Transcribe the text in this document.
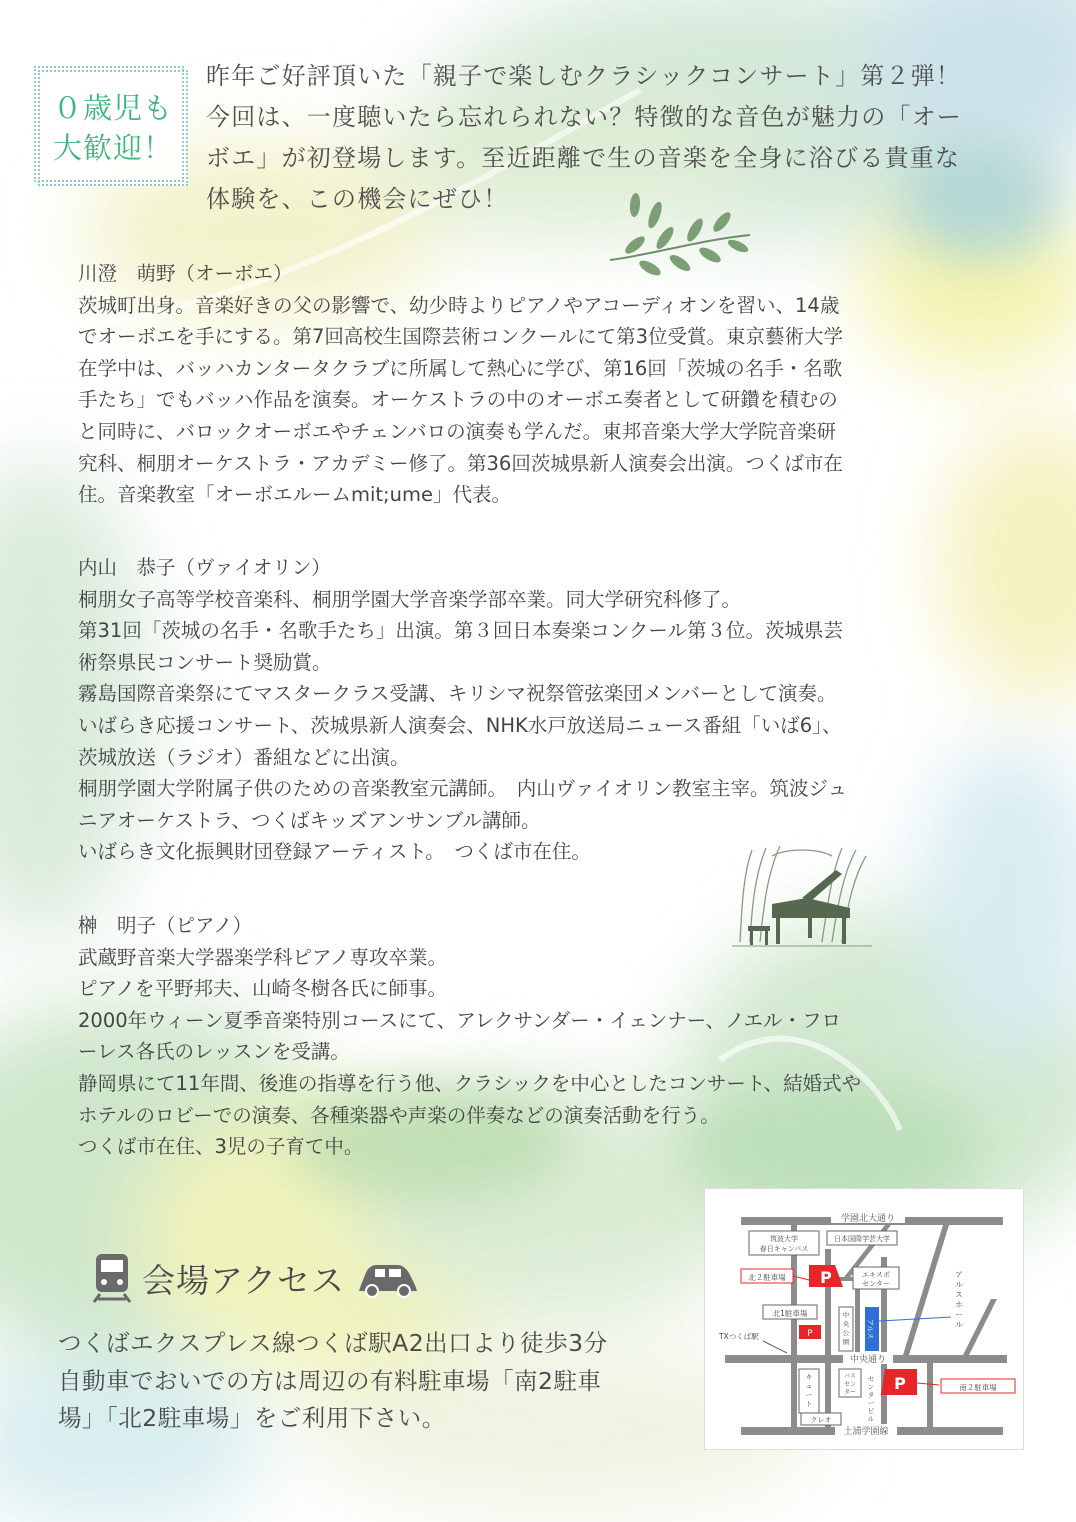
０歳児も
大歓迎！
昨年ご好評頂いた「親子で楽しむクラシックコンサート」第２弾！
今回は、一度聴いたら忘れられない？特徴的な音色が魅力の「オー
ボエ」が初登場します。至近距離で生の音楽を全身に浴びる貴重な
体験を、この機会にぜひ！
川澄　萌野（オーボエ）
茨城町出身。音楽好きの父の影響で、幼少時よりピアノやアコーディオンを習い、14歳
でオーボエを手にする。第7回高校生国際芸術コンクールにて第3位受賞。東京藝術大学
在学中は、バッハカンタータクラブに所属して熱心に学び、第16回「茨城の名手・名歌
手たち」でもバッハ作品を演奏。オーケストラの中のオーボエ奏者として研鑽を積むの
と同時に、バロックオーボエやチェンバロの演奏も学んだ。東邦音楽大学大学院音楽研
究科、桐朋オーケストラ・アカデミー修了。第36回茨城県新人演奏会出演。つくば市在
住。音楽教室「オーボエルームmit;ume」代表。
内山　恭子（ヴァイオリン）
桐朋女子高等学校音楽科、桐朋学園大学音楽学部卒業。同大学研究科修了。
第31回「茨城の名手・名歌手たち」出演。第３回日本奏楽コンクール第３位。茨城県芸
術祭県民コンサート奨励賞。
霧島国際音楽祭にてマスタークラス受講、キリシマ祝祭管弦楽団メンバーとして演奏。
いばらき応援コンサート、茨城県新人演奏会、NHK水戸放送局ニュース番組「いば6」、
茨城放送（ラジオ）番組などに出演。
桐朋学園大学附属子供のための音楽教室元講師。　内山ヴァイオリン教室主宰。筑波ジュ
ニアオーケストラ、つくばキッズアンサンブル講師。
いばらき文化振興財団登録アーティスト。　つくば市在住。
榊　明子（ピアノ）
武蔵野音楽大学器楽学科ピアノ専攻卒業。
ピアノを平野邦夫、山崎冬樹各氏に師事。
2000年ウィーン夏季音楽特別コースにて、アレクサンダー・イェンナー、ノエル・フロ
ーレス各氏のレッスンを受講。
静岡県にて11年間、後進の指導を行う他、クラシックを中心としたコンサート、結婚式や
ホテルのロビーでの演奏、各種楽器や声楽の伴奏などの演奏活動を行う。
つくば市在住、3児の子育て中。
会場アクセス
つくばエクスプレス線つくば駅A2出口より徒歩3分
自動車でおいでの方は周辺の有料駐車場「南2駐車
場」「北2駐車場」をご利用下さい。
学園北大通り
中央通り
土浦学園線
筑波大学
春日キャンパス
日本国際学芸大学
北２駐車場 P	エキスポ
センター
北1駐車場
P
中
央
公
園
アルス
ア
ル
ス
ホ
ー
ル
TXつくば駅
P	南２駐車場
キ
ュ
ー
ト
バス
セン
ター
セ
ン
タ
ー
ビ
ル
クレオ
